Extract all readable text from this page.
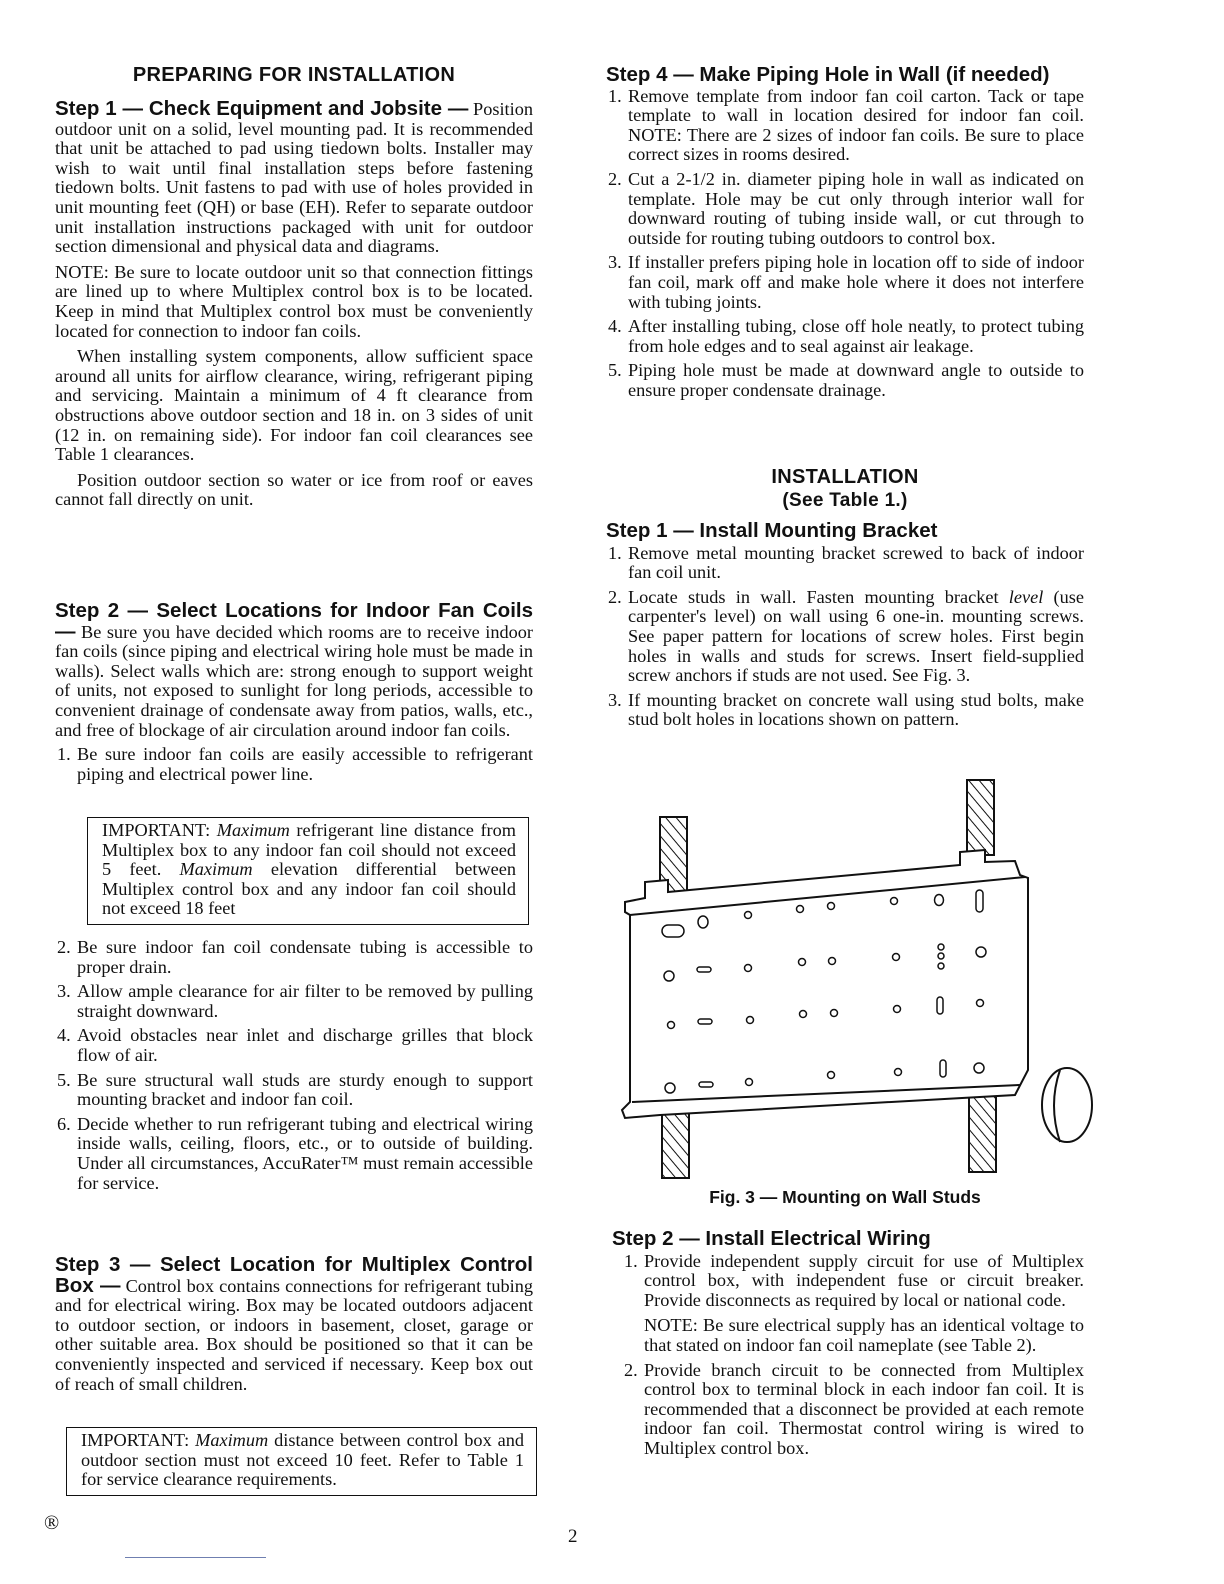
PREPARING FOR INSTALLATION

Step 1 — Check Equipment and Jobsite — Position outdoor unit on a solid, level mounting pad. It is recommended that unit be attached to pad using tiedown bolts. Installer may wish to wait until final installation steps before fastening tiedown bolts. Unit fastens to pad with use of holes provided in unit mounting feet (QH) or base (EH). Refer to separate outdoor unit installation instructions packaged with unit for outdoor section dimensional and physical data and diagrams.

NOTE: Be sure to locate outdoor unit so that connection fittings are lined up to where Multiplex control box is to be located. Keep in mind that Multiplex control box must be conveniently located for connection to indoor fan coils.

When installing system components, allow sufficient space around all units for airflow clearance, wiring, refrigerant piping and servicing. Maintain a minimum of 4 ft clearance from obstructions above outdoor section and 18 in. on 3 sides of unit (12 in. on remaining side). For indoor fan coil clearances see Table 1 clearances.

Position outdoor section so water or ice from roof or eaves cannot fall directly on unit.

Step 2 — Select Locations for Indoor Fan Coils — Be sure you have decided which rooms are to receive indoor fan coils (since piping and electrical wiring hole must be made in walls). Select walls which are: strong enough to support weight of units, not exposed to sunlight for long periods, accessible to convenient drainage of condensate away from patios, walls, etc., and free of blockage of air circulation around indoor fan coils.

1. Be sure indoor fan coils are easily accessible to refrigerant piping and electrical power line.
IMPORTANT: Maximum refrigerant line distance from Multiplex box to any indoor fan coil should not exceed 5 feet. Maximum elevation differential between Multiplex control box and any indoor fan coil should not exceed 18 feet
2. Be sure indoor fan coil condensate tubing is accessible to proper drain.
3. Allow ample clearance for air filter to be removed by pulling straight downward.
4. Avoid obstacles near inlet and discharge grilles that block flow of air.
5. Be sure structural wall studs are sturdy enough to support mounting bracket and indoor fan coil.
6. Decide whether to run refrigerant tubing and electrical wiring inside walls, ceiling, floors, etc., or to outside of building. Under all circumstances, AccuRater™ must remain accessible for service.

Step 3 — Select Location for Multiplex Control Box — Control box contains connections for refrigerant tubing and for electrical wiring. Box may be located outdoors adjacent to outdoor section, or indoors in basement, closet, garage or other suitable area. Box should be positioned so that it can be conveniently inspected and serviced if necessary. Keep box out of reach of small children.

IMPORTANT: Maximum distance between control box and outdoor section must not exceed 10 feet. Refer to Table 1 for service clearance requirements.

Step 4 — Make Piping Hole in Wall (if needed)

1. Remove template from indoor fan coil carton. Tack or tape template to wall in location desired for indoor fan coil. NOTE: There are 2 sizes of indoor fan coils. Be sure to place correct sizes in rooms desired.
2. Cut a 2-1/2 in. diameter piping hole in wall as indicated on template. Hole may be cut only through interior wall for downward routing of tubing inside wall, or cut through to outside for routing tubing outdoors to control box.
3. If installer prefers piping hole in location off to side of indoor fan coil, mark off and make hole where it does not interfere with tubing joints.
4. After installing tubing, close off hole neatly, to protect tubing from hole edges and to seal against air leakage.
5. Piping hole must be made at downward angle to outside to ensure proper condensate drainage.
INSTALLATION
(See Table 1.)

Step 1 — Install Mounting Bracket

1. Remove metal mounting bracket screwed to back of indoor fan coil unit.
2. Locate studs in wall. Fasten mounting bracket level (use carpenter's level) on wall using 6 one-in. mounting screws. See paper pattern for locations of screw holes. First begin holes in walls and studs for screws. Insert field-supplied screw anchors if studs are not used. See Fig. 3.
3. If mounting bracket on concrete wall using stud bolts, make stud bolt holes in locations shown on pattern.
Fig. 3 — Mounting on Wall Studs

Step 2 — Install Electrical Wiring

1. Provide independent supply circuit for use of Multiplex control box, with independent fuse or circuit breaker. Provide disconnects as required by local or national code.

NOTE: Be sure electrical supply has an identical voltage to that stated on indoor fan coil nameplate (see Table 2).

2. Provide branch circuit to be connected from Multiplex control box to terminal block in each indoor fan coil. It is recommended that a disconnect be provided at each remote indoor fan coil. Thermostat control wiring is wired to Multiplex control box.
®
2
